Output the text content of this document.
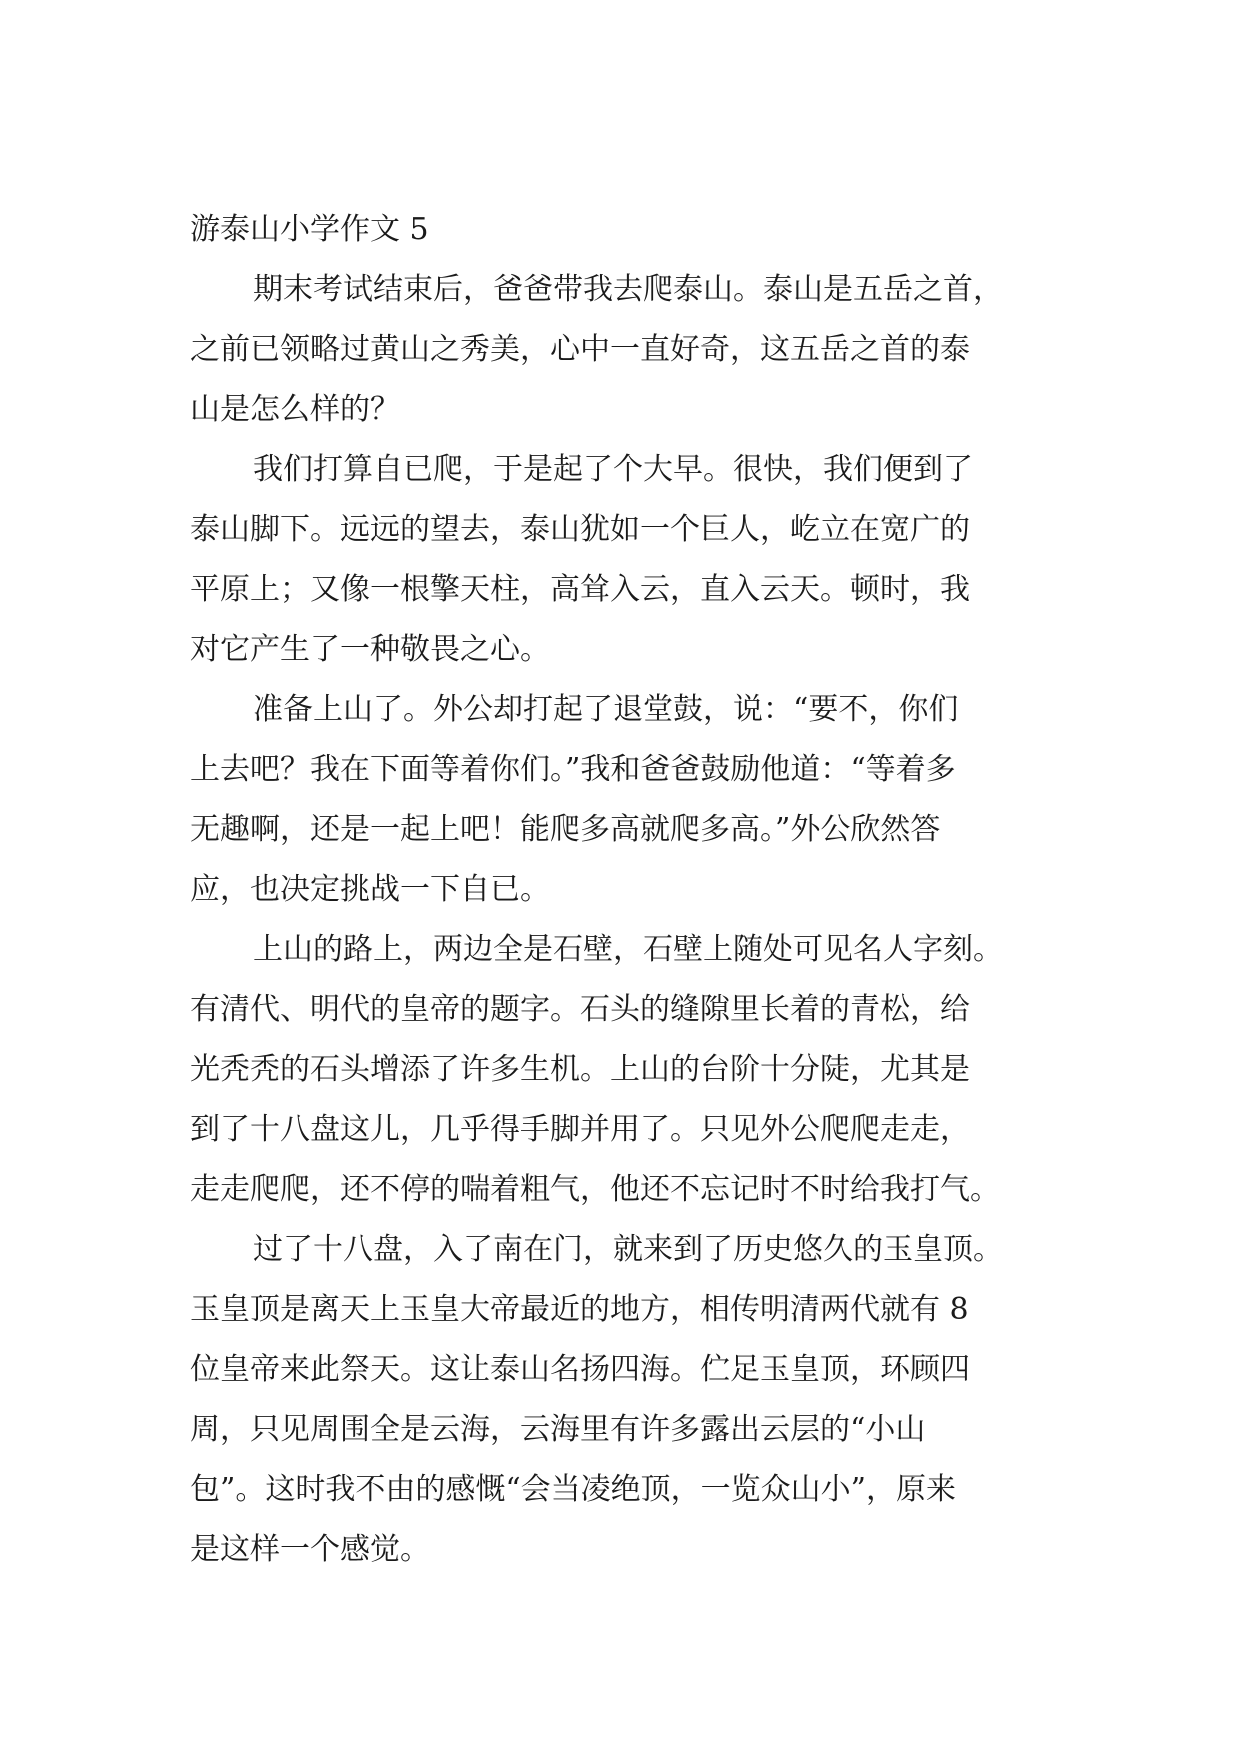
游泰山小学作文 5
期末考试结束后，爸爸带我去爬泰山。泰山是五岳之首，
之前已领略过黄山之秀美，心中一直好奇，这五岳之首的泰
山是怎么样的？
我们打算自已爬，于是起了个大早。很快，我们便到了
泰山脚下。远远的望去，泰山犹如一个巨人，屹立在宽广的
平原上；又像一根擎天柱，高耸入云，直入云天。顿时，我
对它产生了一种敬畏之心。
准备上山了。外公却打起了退堂鼓，说：“要不，你们
上去吧？我在下面等着你们。”我和爸爸鼓励他道：“等着多
无趣啊，还是一起上吧！能爬多高就爬多高。”外公欣然答
应，也决定挑战一下自已。
上山的路上，两边全是石壁，石壁上随处可见名人字刻。
有清代、明代的皇帝的题字。石头的缝隙里长着的青松，给
光秃秃的石头增添了许多生机。上山的台阶十分陡，尤其是
到了十八盘这儿，几乎得手脚并用了。只见外公爬爬走走，
走走爬爬，还不停的喘着粗气，他还不忘记时不时给我打气。
过了十八盘，入了南在门，就来到了历史悠久的玉皇顶。
玉皇顶是离天上玉皇大帝最近的地方，相传明清两代就有 8
位皇帝来此祭天。这让泰山名扬四海。伫足玉皇顶，环顾四
周，只见周围全是云海，云海里有许多露出云层的“小山
包”。这时我不由的感慨“会当凌绝顶，一览众山小”，原来
是这样一个感觉。
